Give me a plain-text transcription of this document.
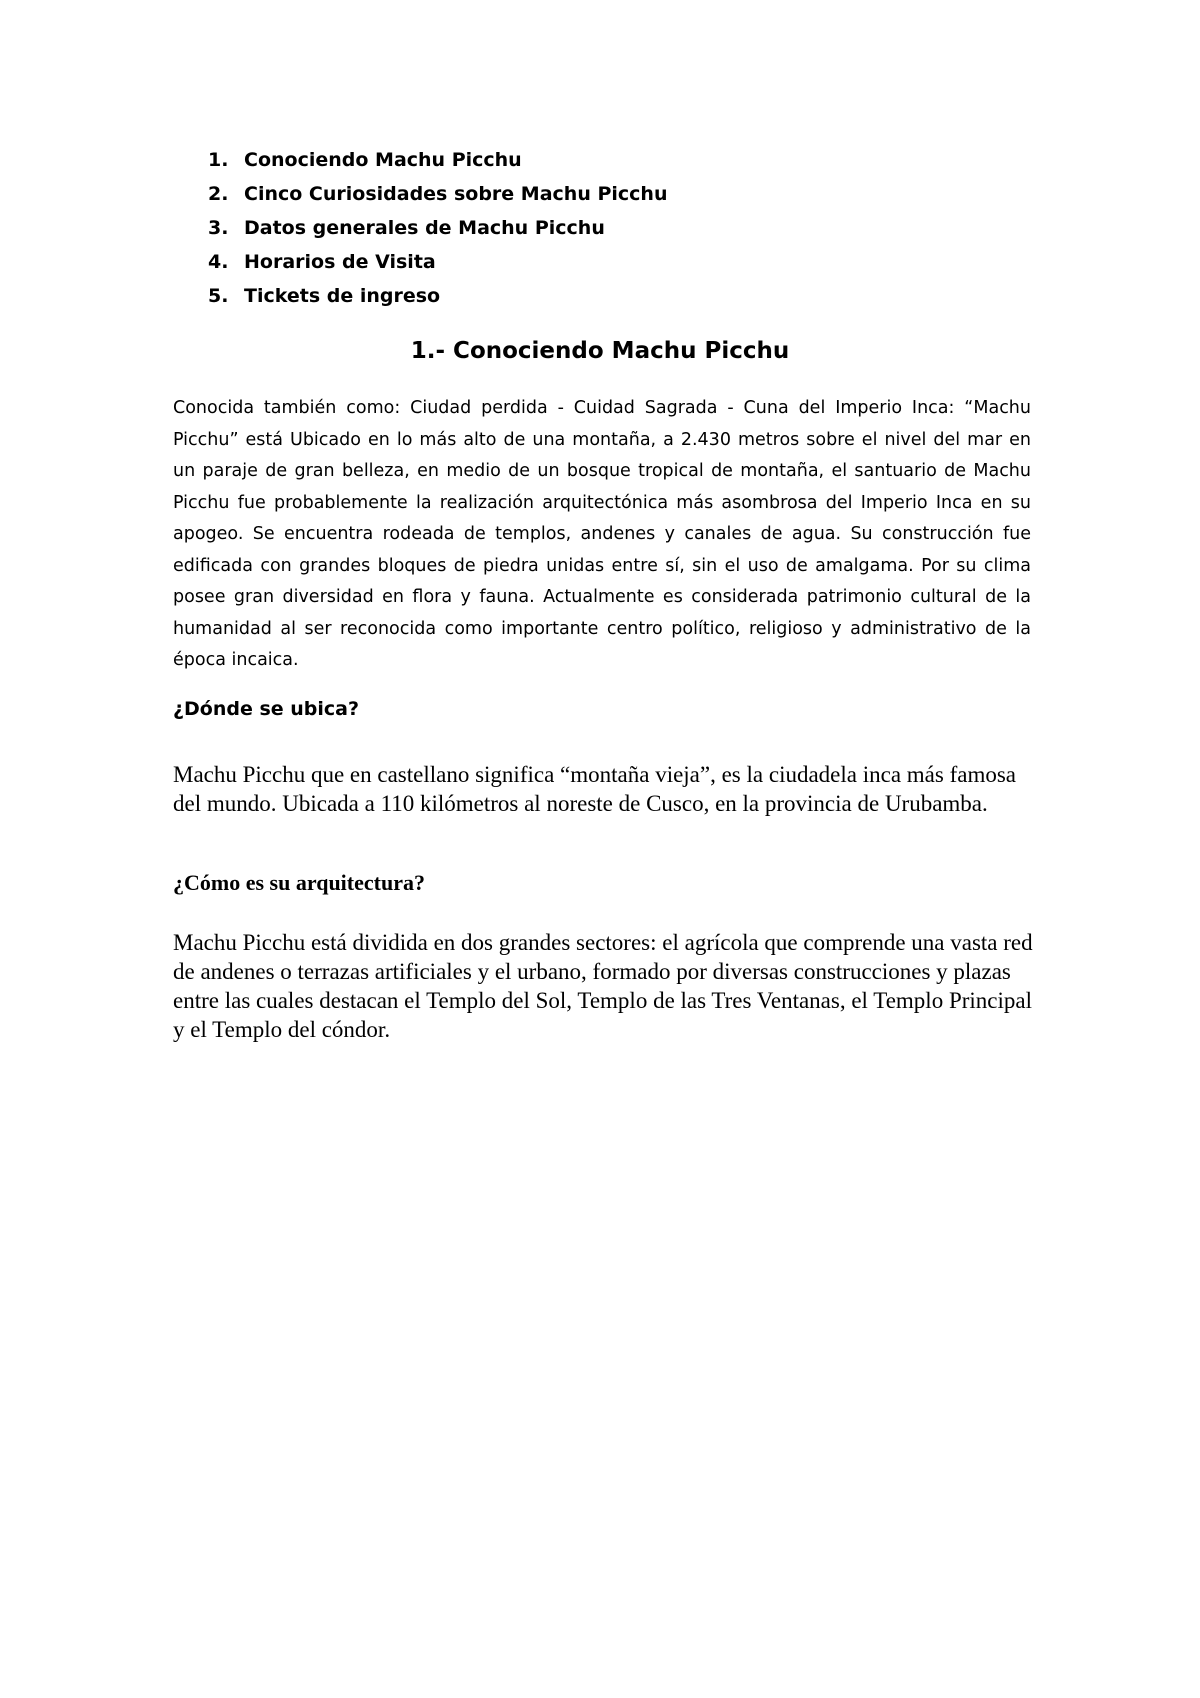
1. Conociendo Machu Picchu
2. Cinco Curiosidades sobre Machu Picchu
3. Datos generales de Machu Picchu
4. Horarios de Visita
5. Tickets de ingreso
1.- Conociendo Machu Picchu

Conocida también como: Ciudad perdida - Cuidad Sagrada - Cuna del Imperio Inca: “Machu Picchu” está Ubicado en lo más alto de una montaña, a 2.430 metros sobre el nivel del mar en un paraje de gran belleza, en medio de un bosque tropical de montaña, el santuario de Machu Picchu fue probablemente la realización arquitectónica más asombrosa del Imperio Inca en su apogeo. Se encuentra rodeada de templos, andenes y canales de agua. Su construcción fue edificada con grandes bloques de piedra unidas entre sí, sin el uso de amalgama. Por su clima posee gran diversidad en flora y fauna. Actualmente es considerada patrimonio cultural de la humanidad al ser reconocida como importante centro político, religioso y administrativo de la época incaica.

¿Dónde se ubica?

Machu Picchu que en castellano significa “montaña vieja”, es la ciudadela inca más famosa del mundo. Ubicada a 110 kilómetros al noreste de Cusco, en la provincia de Urubamba.

¿Cómo es su arquitectura?

Machu Picchu está dividida en dos grandes sectores: el agrícola que comprende una vasta red de andenes o terrazas artificiales y el urbano, formado por diversas construcciones y plazas entre las cuales destacan el Templo del Sol, Templo de las Tres Ventanas, el Templo Principal y el Templo del cóndor.
